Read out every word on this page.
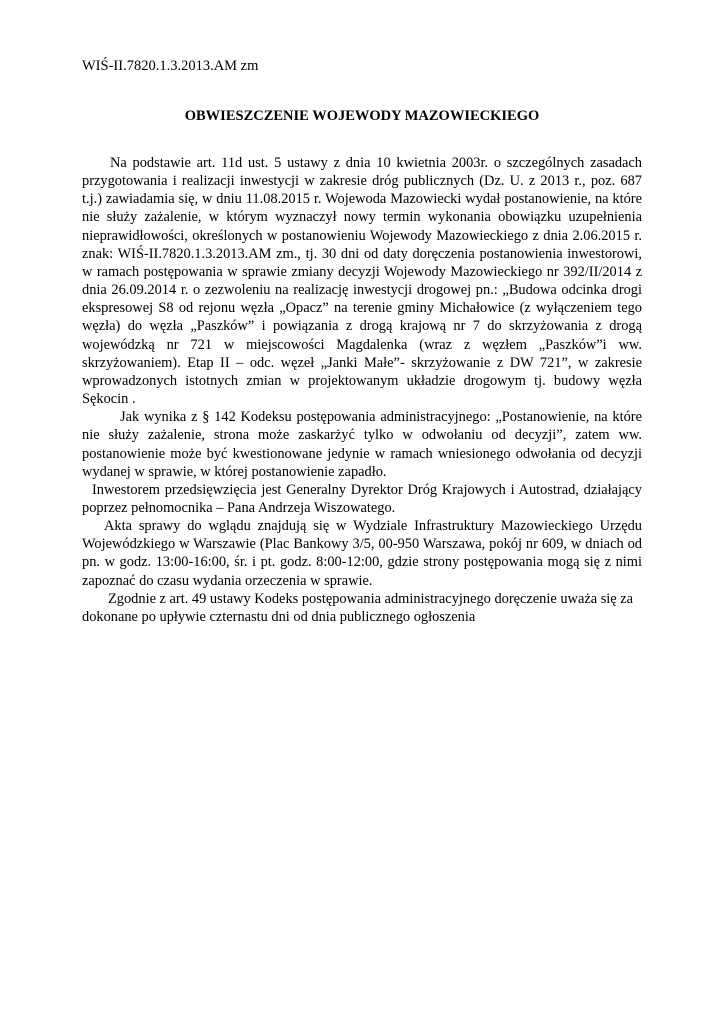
WIŚ-II.7820.1.3.2013.AM zm
OBWIESZCZENIE WOJEWODY MAZOWIECKIEGO

Na podstawie art. 11d ust. 5 ustawy z dnia 10 kwietnia 2003r. o szczególnych zasadach przygotowania i realizacji inwestycji w zakresie dróg publicznych (Dz. U. z 2013 r., poz. 687 t.j.) zawiadamia się, w dniu 11.08.2015 r. Wojewoda Mazowiecki wydał postanowienie, na które nie służy zażalenie, w którym wyznaczył nowy termin wykonania obowiązku uzupełnienia nieprawidłowości, określonych w postanowieniu Wojewody Mazowieckiego z dnia 2.06.2015 r. znak: WIŚ-II.7820.1.3.2013.AM zm., tj. 30 dni od daty doręczenia postanowienia inwestorowi, w ramach postępowania w sprawie zmiany decyzji Wojewody Mazowieckiego nr 392/II/2014 z dnia 26.09.2014 r. o zezwoleniu na realizację inwestycji drogowej pn.: „Budowa odcinka drogi ekspresowej S8 od rejonu węzła „Opacz” na terenie gminy Michałowice (z wyłączeniem tego węzła) do węzła „Paszków” i powiązania z drogą krajową nr 7 do skrzyżowania z drogą wojewódzką nr 721 w miejscowości Magdalenka (wraz z węzłem „Paszków”i ww. skrzyżowaniem). Etap II – odc. węzeł „Janki Małe”- skrzyżowanie z DW 721”, w zakresie wprowadzonych istotnych zmian w projektowanym układzie drogowym tj. budowy węzła Sękocin .

Jak wynika z § 142 Kodeksu postępowania administracyjnego: „Postanowienie, na które nie służy zażalenie, strona może zaskarżyć tylko w odwołaniu od decyzji”, zatem ww. postanowienie może być kwestionowane jedynie w ramach wniesionego odwołania od decyzji wydanej w sprawie, w której postanowienie zapadło.

Inwestorem przedsięwzięcia jest Generalny Dyrektor Dróg Krajowych i Autostrad, działający poprzez pełnomocnika – Pana Andrzeja Wiszowatego.

Akta sprawy do wglądu znajdują się w Wydziale Infrastruktury Mazowieckiego Urzędu Wojewódzkiego w Warszawie (Plac Bankowy 3/5, 00-950 Warszawa, pokój nr 609, w dniach od pn. w godz. 13:00-16:00, śr. i pt. godz. 8:00-12:00, gdzie strony postępowania mogą się z nimi zapoznać do czasu wydania orzeczenia w sprawie.

Zgodnie z art. 49 ustawy Kodeks postępowania administracyjnego doręczenie uważa się za dokonane po upływie czternastu dni od dnia publicznego ogłoszenia
